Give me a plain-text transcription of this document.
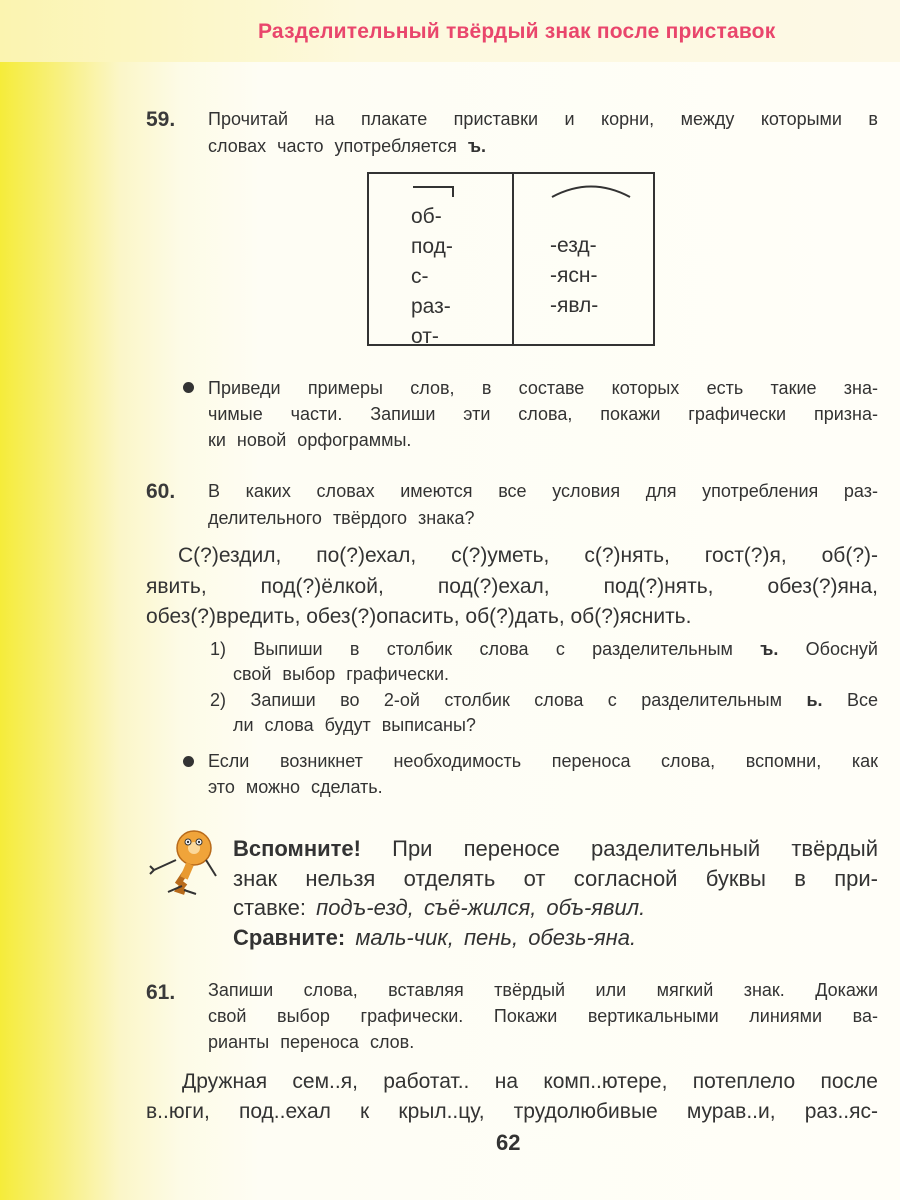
Разделительный твёрдый знак после приставок
59. Прочитай на плакате приставки и корни, между которыми в
словах часто употребляется ъ.
об-
под-
с-
раз-
от-
-езд-
-ясн-
-явл-
Приведи примеры слов, в составе которых есть такие зна-
чимые части. Запиши эти слова, покажи графически призна-
ки новой орфограммы.
60. В каких словах имеются все условия для употребления раз-
делительного твёрдого знака?
С(?)ездил, по(?)ехал, с(?)уметь, с(?)нять, гост(?)я, об(?)-
явить, под(?)ёлкой, под(?)ехал, под(?)нять, обез(?)яна,
обез(?)вредить, обез(?)опасить, об(?)дать, об(?)яснить.
1) Выпиши в столбик слова с разделительным ъ. Обоснуй
свой выбор графически.
2) Запиши во 2-ой столбик слова с разделительным ь. Все
ли слова будут выписаны?
Если возникнет необходимость переноса слова, вспомни, как
это можно сделать.
Вспомните! При переносе разделительный твёрдый
знак нельзя отделять от согласной буквы в при-
ставке: подъ-езд, съё-жился, объ-явил.
Сравните: маль-чик, пень, обезь-яна.
61. Запиши слова, вставляя твёрдый или мягкий знак. Докажи
свой выбор графически. Покажи вертикальными линиями ва-
рианты переноса слов.
Дружная сем..я, работат.. на комп..ютере, потеплело после
в..юги, под..ехал к крыл..цу, трудолюбивые мурав..и, раз..яс-
62
